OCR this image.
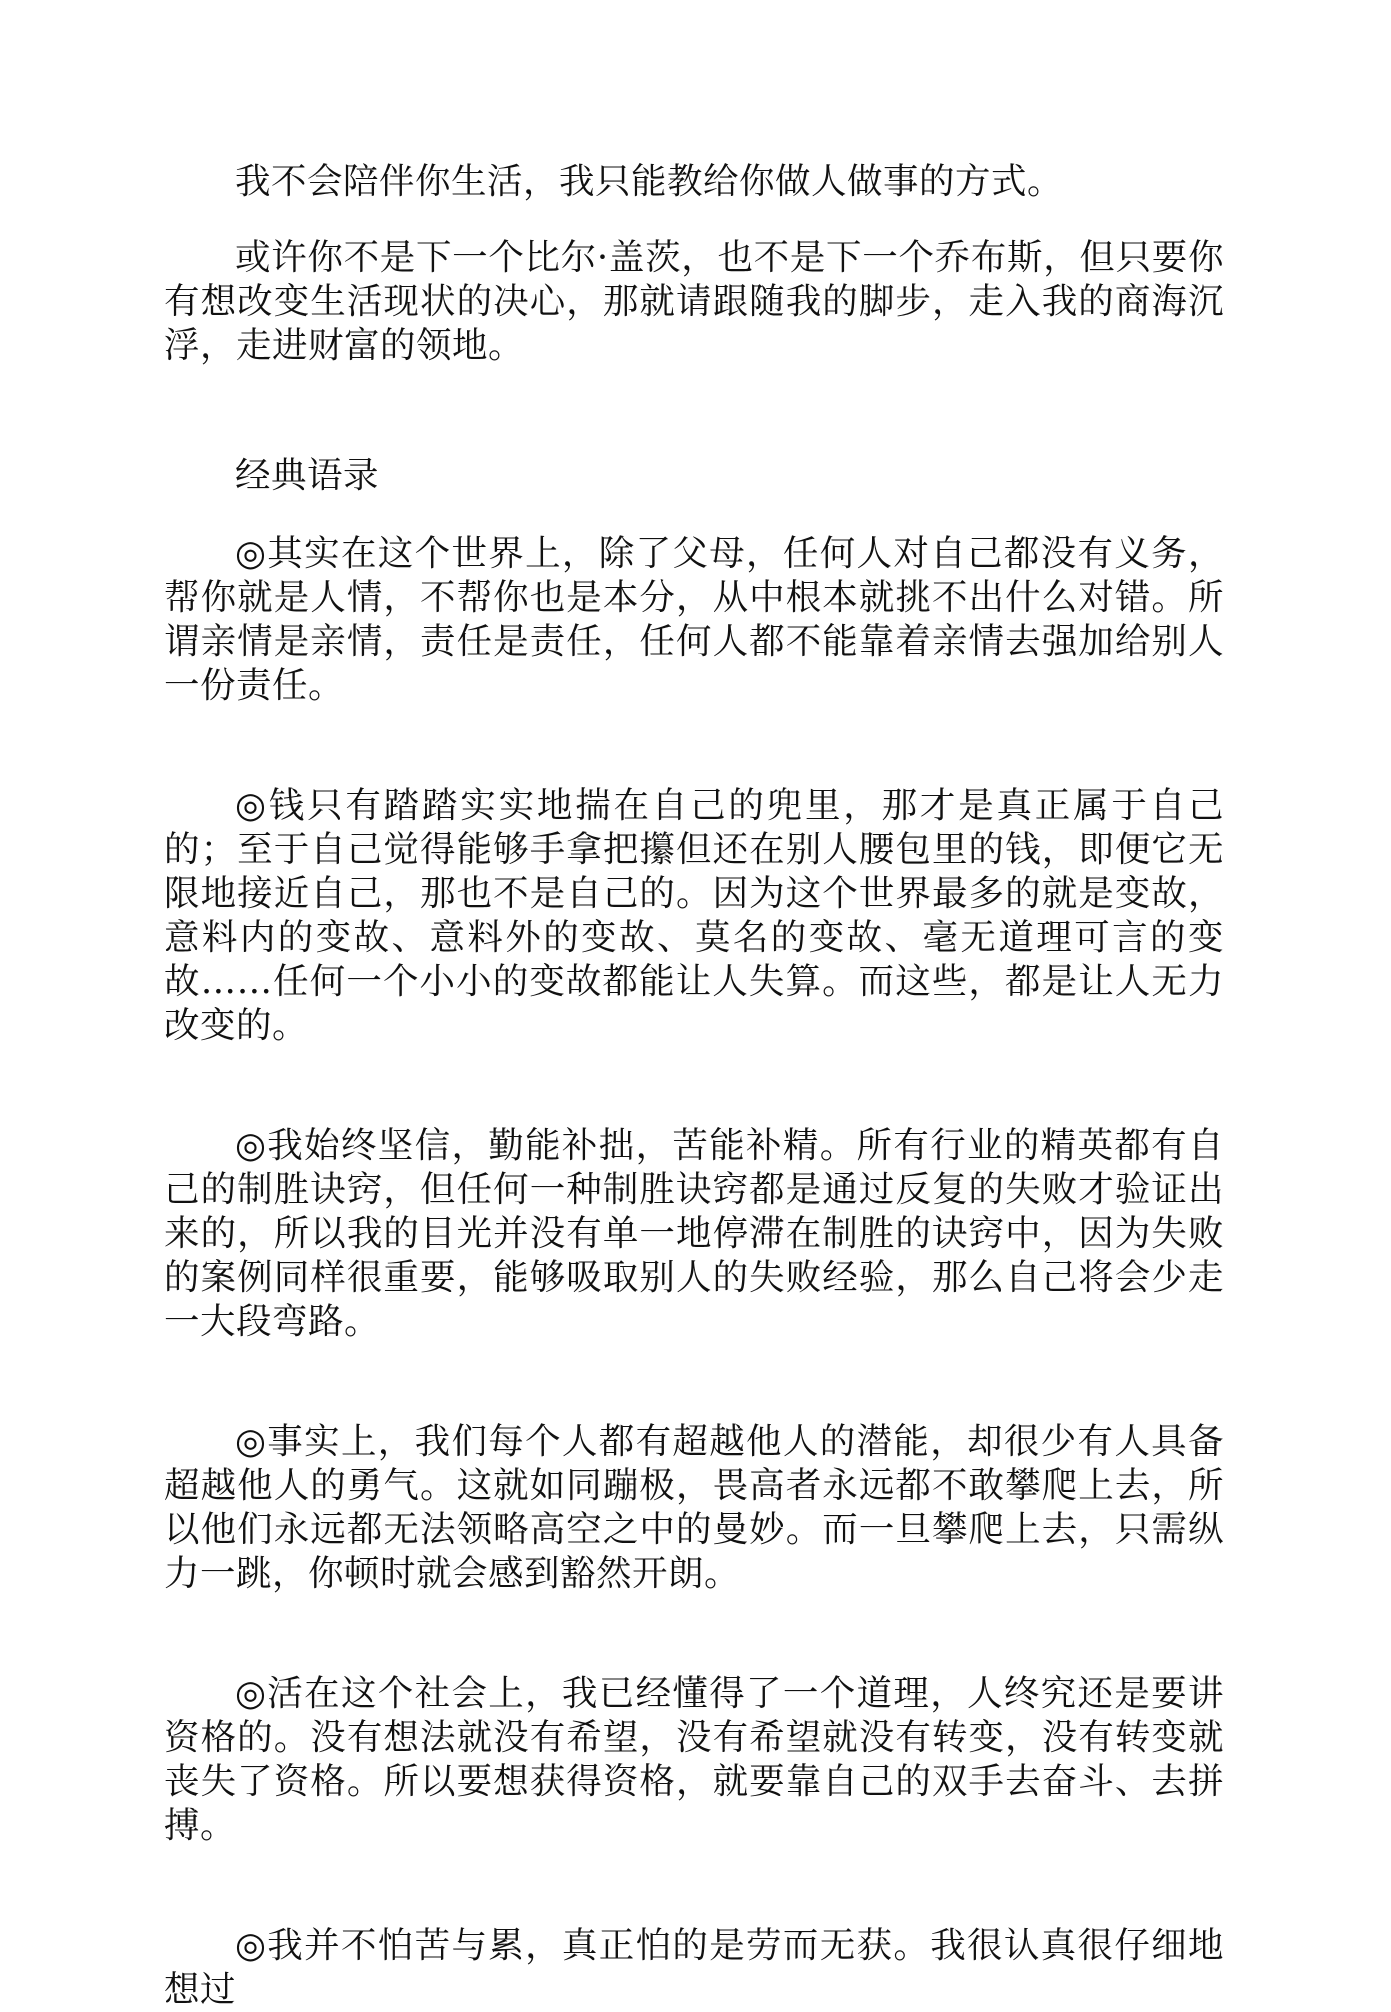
我不会陪伴你生活，我只能教给你做人做事的方式。

或许你不是下一个比尔·盖茨，也不是下一个乔布斯，但只要你有想改变生活现状的决心，那就请跟随我的脚步，走入我的商海沉浮，走进财富的领地。

经典语录

◎其实在这个世界上，除了父母，任何人对自己都没有义务，帮你就是人情，不帮你也是本分，从中根本就挑不出什么对错。所谓亲情是亲情，责任是责任，任何人都不能靠着亲情去强加给别人一份责任。

◎钱只有踏踏实实地揣在自己的兜里，那才是真正属于自己的；至于自己觉得能够手拿把攥但还在别人腰包里的钱，即便它无限地接近自己，那也不是自己的。因为这个世界最多的就是变故，意料内的变故、意料外的变故、莫名的变故、毫无道理可言的变故……任何一个小小的变故都能让人失算。而这些，都是让人无力改变的。

◎我始终坚信，勤能补拙，苦能补精。所有行业的精英都有自己的制胜诀窍，但任何一种制胜诀窍都是通过反复的失败才验证出来的，所以我的目光并没有单一地停滞在制胜的诀窍中，因为失败的案例同样很重要，能够吸取别人的失败经验，那么自己将会少走一大段弯路。

◎事实上，我们每个人都有超越他人的潜能，却很少有人具备超越他人的勇气。这就如同蹦极，畏高者永远都不敢攀爬上去，所以他们永远都无法领略高空之中的曼妙。而一旦攀爬上去，只需纵力一跳，你顿时就会感到豁然开朗。

◎活在这个社会上，我已经懂得了一个道理，人终究还是要讲资格的。没有想法就没有希望，没有希望就没有转变，没有转变就丧失了资格。所以要想获得资格，就要靠自己的双手去奋斗、去拼搏。

◎我并不怕苦与累，真正怕的是劳而无获。我很认真很仔细地想过
